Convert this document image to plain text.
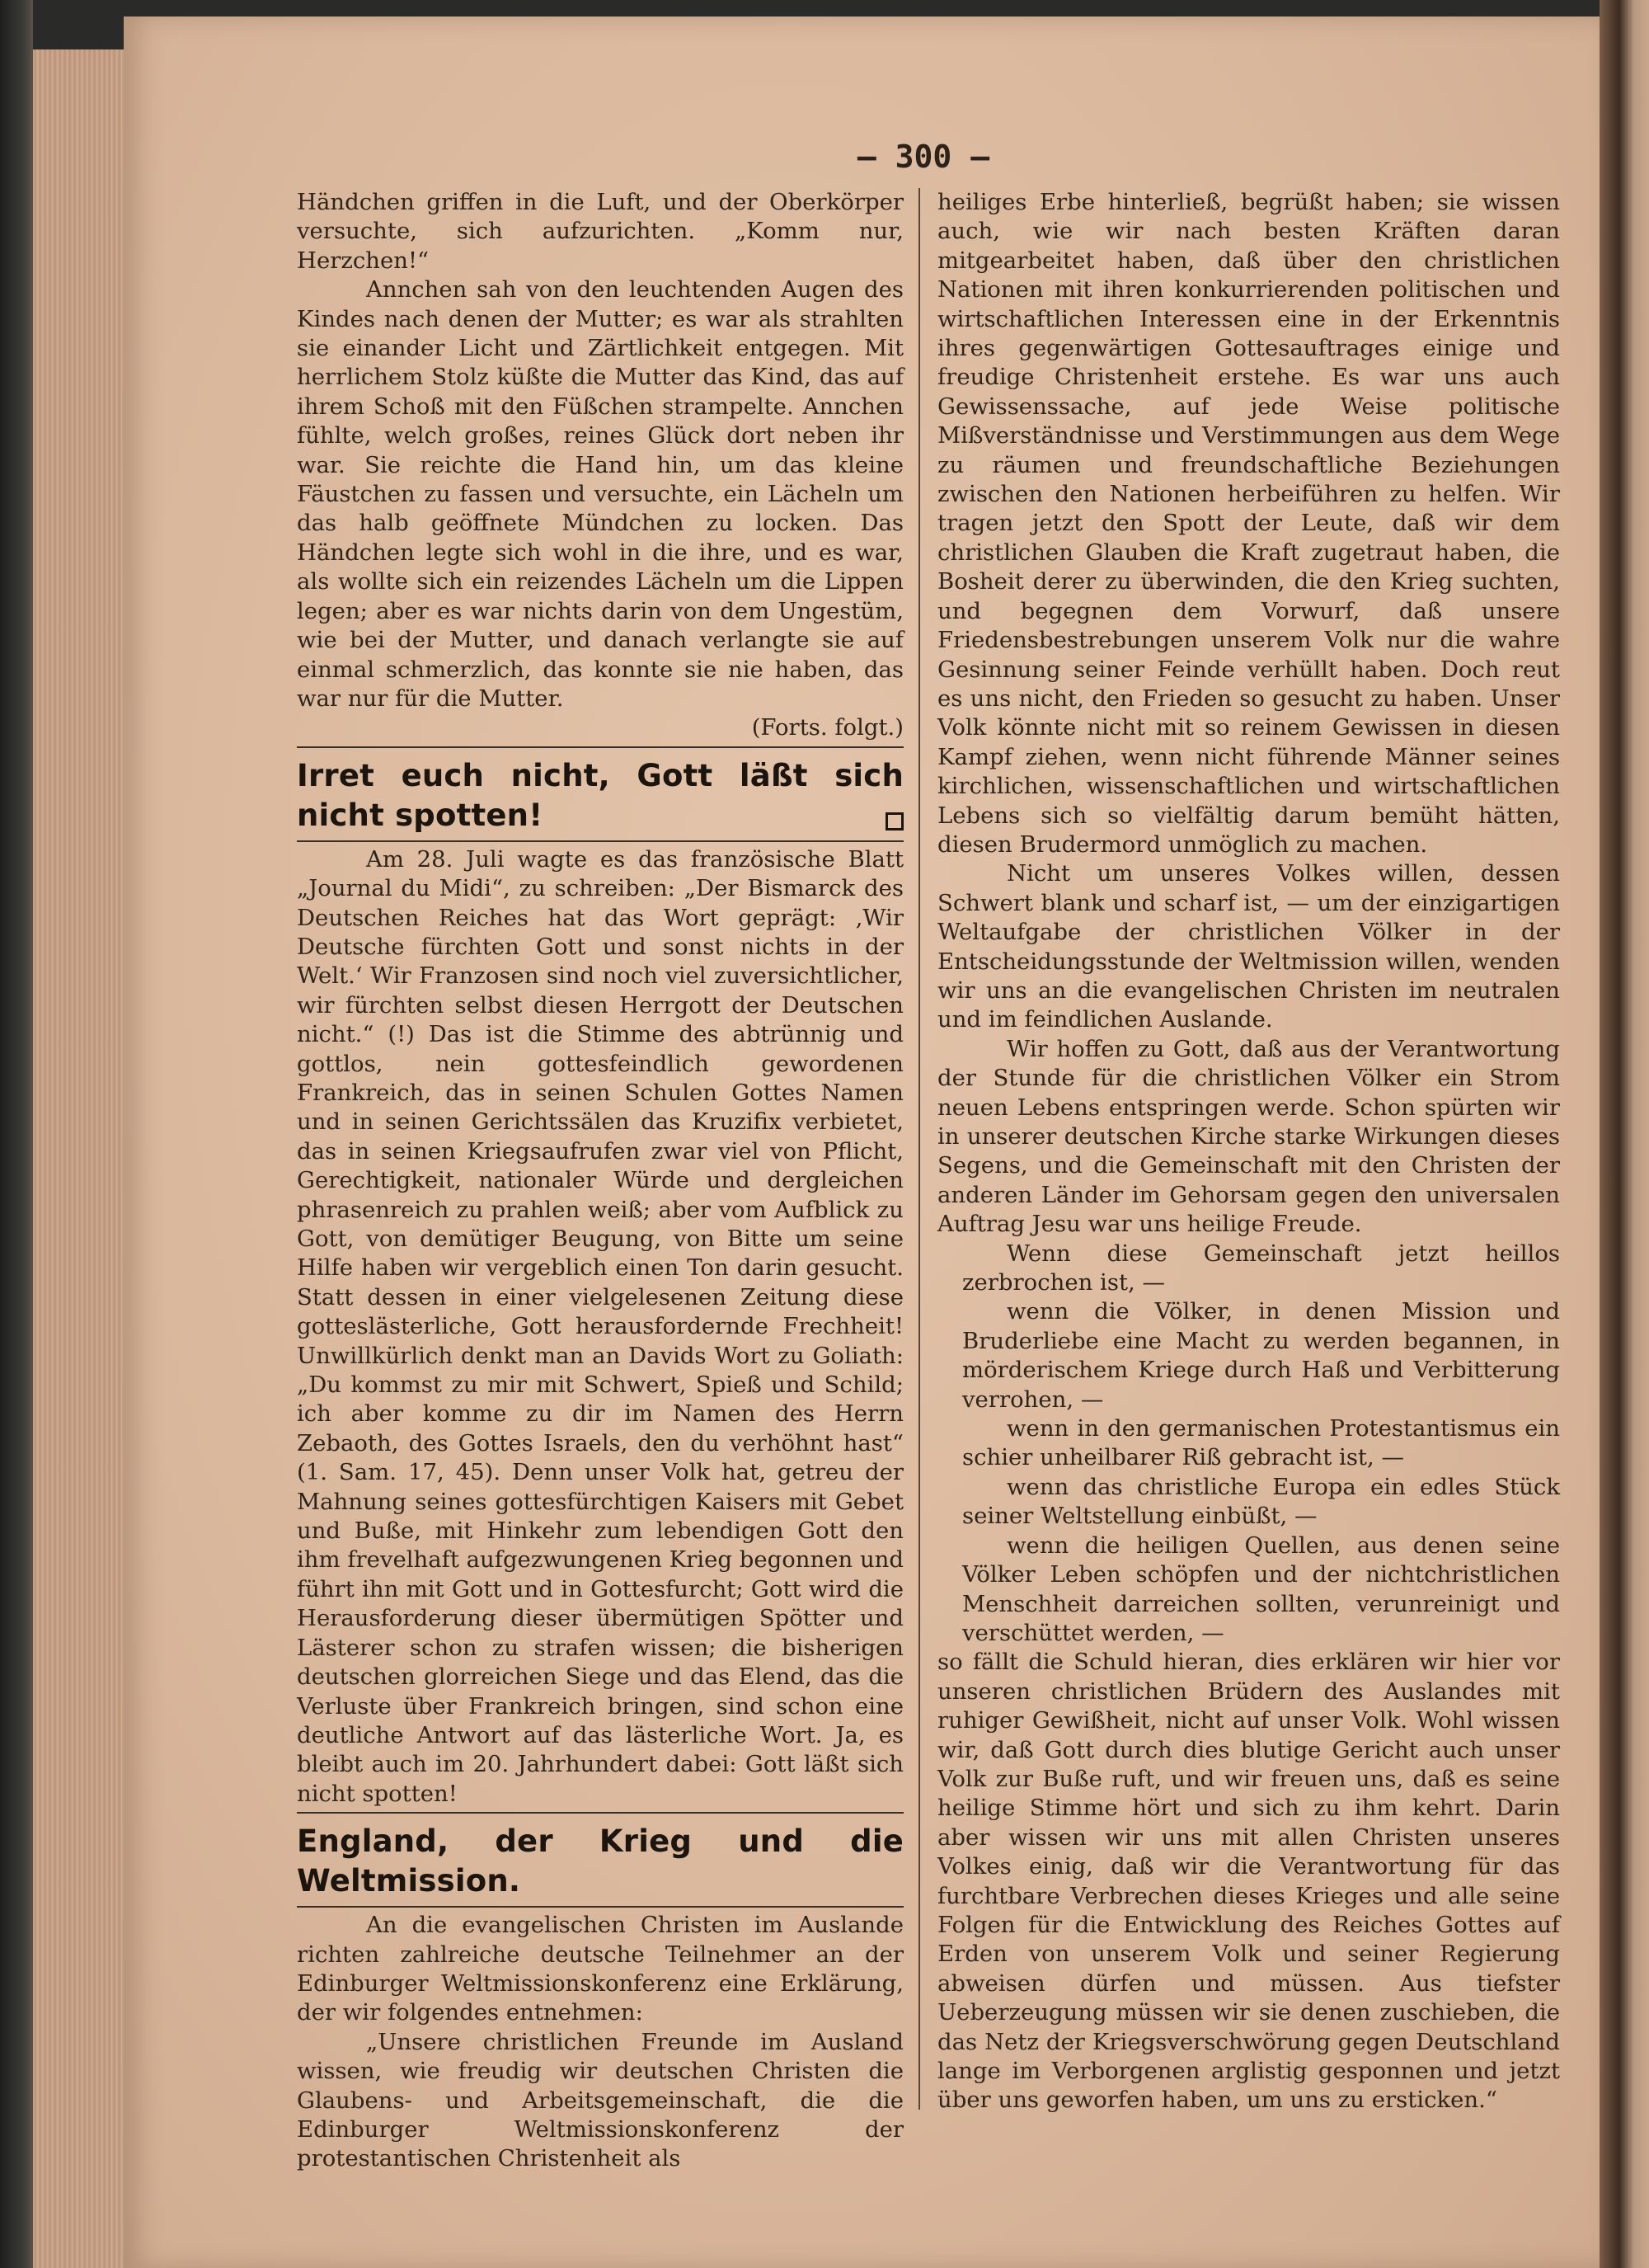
— 300 —

Händchen griffen in die Luft, und der Oberkörper versuchte, sich aufzurichten. „Komm nur, Herzchen!“

Annchen sah von den leuchtenden Augen des Kindes nach denen der Mutter; es war als strahlten sie einander Licht und Zärtlichkeit entgegen. Mit herrlichem Stolz küßte die Mutter das Kind, das auf ihrem Schoß mit den Füßchen strampelte. Annchen fühlte, welch großes, reines Glück dort neben ihr war. Sie reichte die Hand hin, um das kleine Fäustchen zu fassen und versuchte, ein Lächeln um das halb geöffnete Mündchen zu locken. Das Händchen legte sich wohl in die ihre, und es war, als wollte sich ein reizendes Lächeln um die Lippen legen; aber es war nichts darin von dem Ungestüm, wie bei der Mutter, und danach verlangte sie auf einmal schmerzlich, das konnte sie nie haben, das war nur für die Mutter.

(Forts. folgt.)

Irret euch nicht, Gott läßt sich nicht spotten!

Am 28. Juli wagte es das französische Blatt „Journal du Midi“, zu schreiben: „Der Bismarck des Deutschen Reiches hat das Wort geprägt: ‚Wir Deutsche fürchten Gott und sonst nichts in der Welt.‘ Wir Franzosen sind noch viel zuversichtlicher, wir fürchten selbst diesen Herrgott der Deutschen nicht.“ (!) Das ist die Stimme des abtrünnig und gottlos, nein gottesfeindlich gewordenen Frankreich, das in seinen Schulen Gottes Namen und in seinen Gerichtssälen das Kruzifix verbietet, das in seinen Kriegsaufrufen zwar viel von Pflicht, Gerechtigkeit, nationaler Würde und dergleichen phrasenreich zu prahlen weiß; aber vom Aufblick zu Gott, von demütiger Beugung, von Bitte um seine Hilfe haben wir vergeblich einen Ton darin gesucht. Statt dessen in einer vielgelesenen Zeitung diese gotteslästerliche, Gott herausfordernde Frechheit! Unwillkürlich denkt man an Davids Wort zu Goliath: „Du kommst zu mir mit Schwert, Spieß und Schild; ich aber komme zu dir im Namen des Herrn Zebaoth, des Gottes Israels, den du verhöhnt hast“ (1. Sam. 17, 45). Denn unser Volk hat, getreu der Mahnung seines gottesfürchtigen Kaisers mit Gebet und Buße, mit Hinkehr zum lebendigen Gott den ihm frevelhaft aufgezwungenen Krieg begonnen und führt ihn mit Gott und in Gottesfurcht; Gott wird die Herausforderung dieser übermütigen Spötter und Lästerer schon zu strafen wissen; die bisherigen deutschen glorreichen Siege und das Elend, das die Verluste über Frankreich bringen, sind schon eine deutliche Antwort auf das lästerliche Wort. Ja, es bleibt auch im 20. Jahrhundert dabei: Gott läßt sich nicht spotten!

England, der Krieg und die Weltmission.

An die evangelischen Christen im Auslande richten zahlreiche deutsche Teilnehmer an der Edinburger Weltmissionskonferenz eine Erklärung, der wir folgendes entnehmen:

„Unsere christlichen Freunde im Ausland wissen, wie freudig wir deutschen Christen die Glaubens- und Arbeitsgemeinschaft, die die Edinburger Weltmissionskonferenz der protestantischen Christenheit als

heiliges Erbe hinterließ, begrüßt haben; sie wissen auch, wie wir nach besten Kräften daran mitgearbeitet haben, daß über den christlichen Nationen mit ihren konkurrierenden politischen und wirtschaftlichen Interessen eine in der Erkenntnis ihres gegenwärtigen Gottesauftrages einige und freudige Christenheit erstehe. Es war uns auch Gewissenssache, auf jede Weise politische Mißverständnisse und Verstimmungen aus dem Wege zu räumen und freundschaftliche Beziehungen zwischen den Nationen herbeiführen zu helfen. Wir tragen jetzt den Spott der Leute, daß wir dem christlichen Glauben die Kraft zugetraut haben, die Bosheit derer zu überwinden, die den Krieg suchten, und begegnen dem Vorwurf, daß unsere Friedensbestrebungen unserem Volk nur die wahre Gesinnung seiner Feinde verhüllt haben. Doch reut es uns nicht, den Frieden so gesucht zu haben. Unser Volk könnte nicht mit so reinem Gewissen in diesen Kampf ziehen, wenn nicht führende Männer seines kirchlichen, wissenschaftlichen und wirtschaftlichen Lebens sich so vielfältig darum bemüht hätten, diesen Brudermord unmöglich zu machen.

Nicht um unseres Volkes willen, dessen Schwert blank und scharf ist, — um der einzigartigen Weltaufgabe der christlichen Völker in der Entscheidungsstunde der Weltmission willen, wenden wir uns an die evangelischen Christen im neutralen und im feindlichen Auslande.

Wir hoffen zu Gott, daß aus der Verantwortung der Stunde für die christlichen Völker ein Strom neuen Lebens entspringen werde. Schon spürten wir in unserer deutschen Kirche starke Wirkungen dieses Segens, und die Gemeinschaft mit den Christen der anderen Länder im Gehorsam gegen den universalen Auftrag Jesu war uns heilige Freude.

Wenn diese Gemeinschaft jetzt heillos zerbrochen ist, —

wenn die Völker, in denen Mission und Bruderliebe eine Macht zu werden begannen, in mörderischem Kriege durch Haß und Verbitterung verrohen, —

wenn in den germanischen Protestantismus ein schier unheilbarer Riß gebracht ist, —

wenn das christliche Europa ein edles Stück seiner Weltstellung einbüßt, —

wenn die heiligen Quellen, aus denen seine Völker Leben schöpfen und der nichtchristlichen Menschheit darreichen sollten, verunreinigt und verschüttet werden, —

so fällt die Schuld hieran, dies erklären wir hier vor unseren christlichen Brüdern des Auslandes mit ruhiger Gewißheit, nicht auf unser Volk. Wohl wissen wir, daß Gott durch dies blutige Gericht auch unser Volk zur Buße ruft, und wir freuen uns, daß es seine heilige Stimme hört und sich zu ihm kehrt. Darin aber wissen wir uns mit allen Christen unseres Volkes einig, daß wir die Verantwortung für das furchtbare Verbrechen dieses Krieges und alle seine Folgen für die Entwicklung des Reiches Gottes auf Erden von unserem Volk und seiner Regierung abweisen dürfen und müssen. Aus tiefster Ueberzeugung müssen wir sie denen zuschieben, die das Netz der Kriegsverschwörung gegen Deutschland lange im Verborgenen arglistig gesponnen und jetzt über uns geworfen haben, um uns zu ersticken.“
